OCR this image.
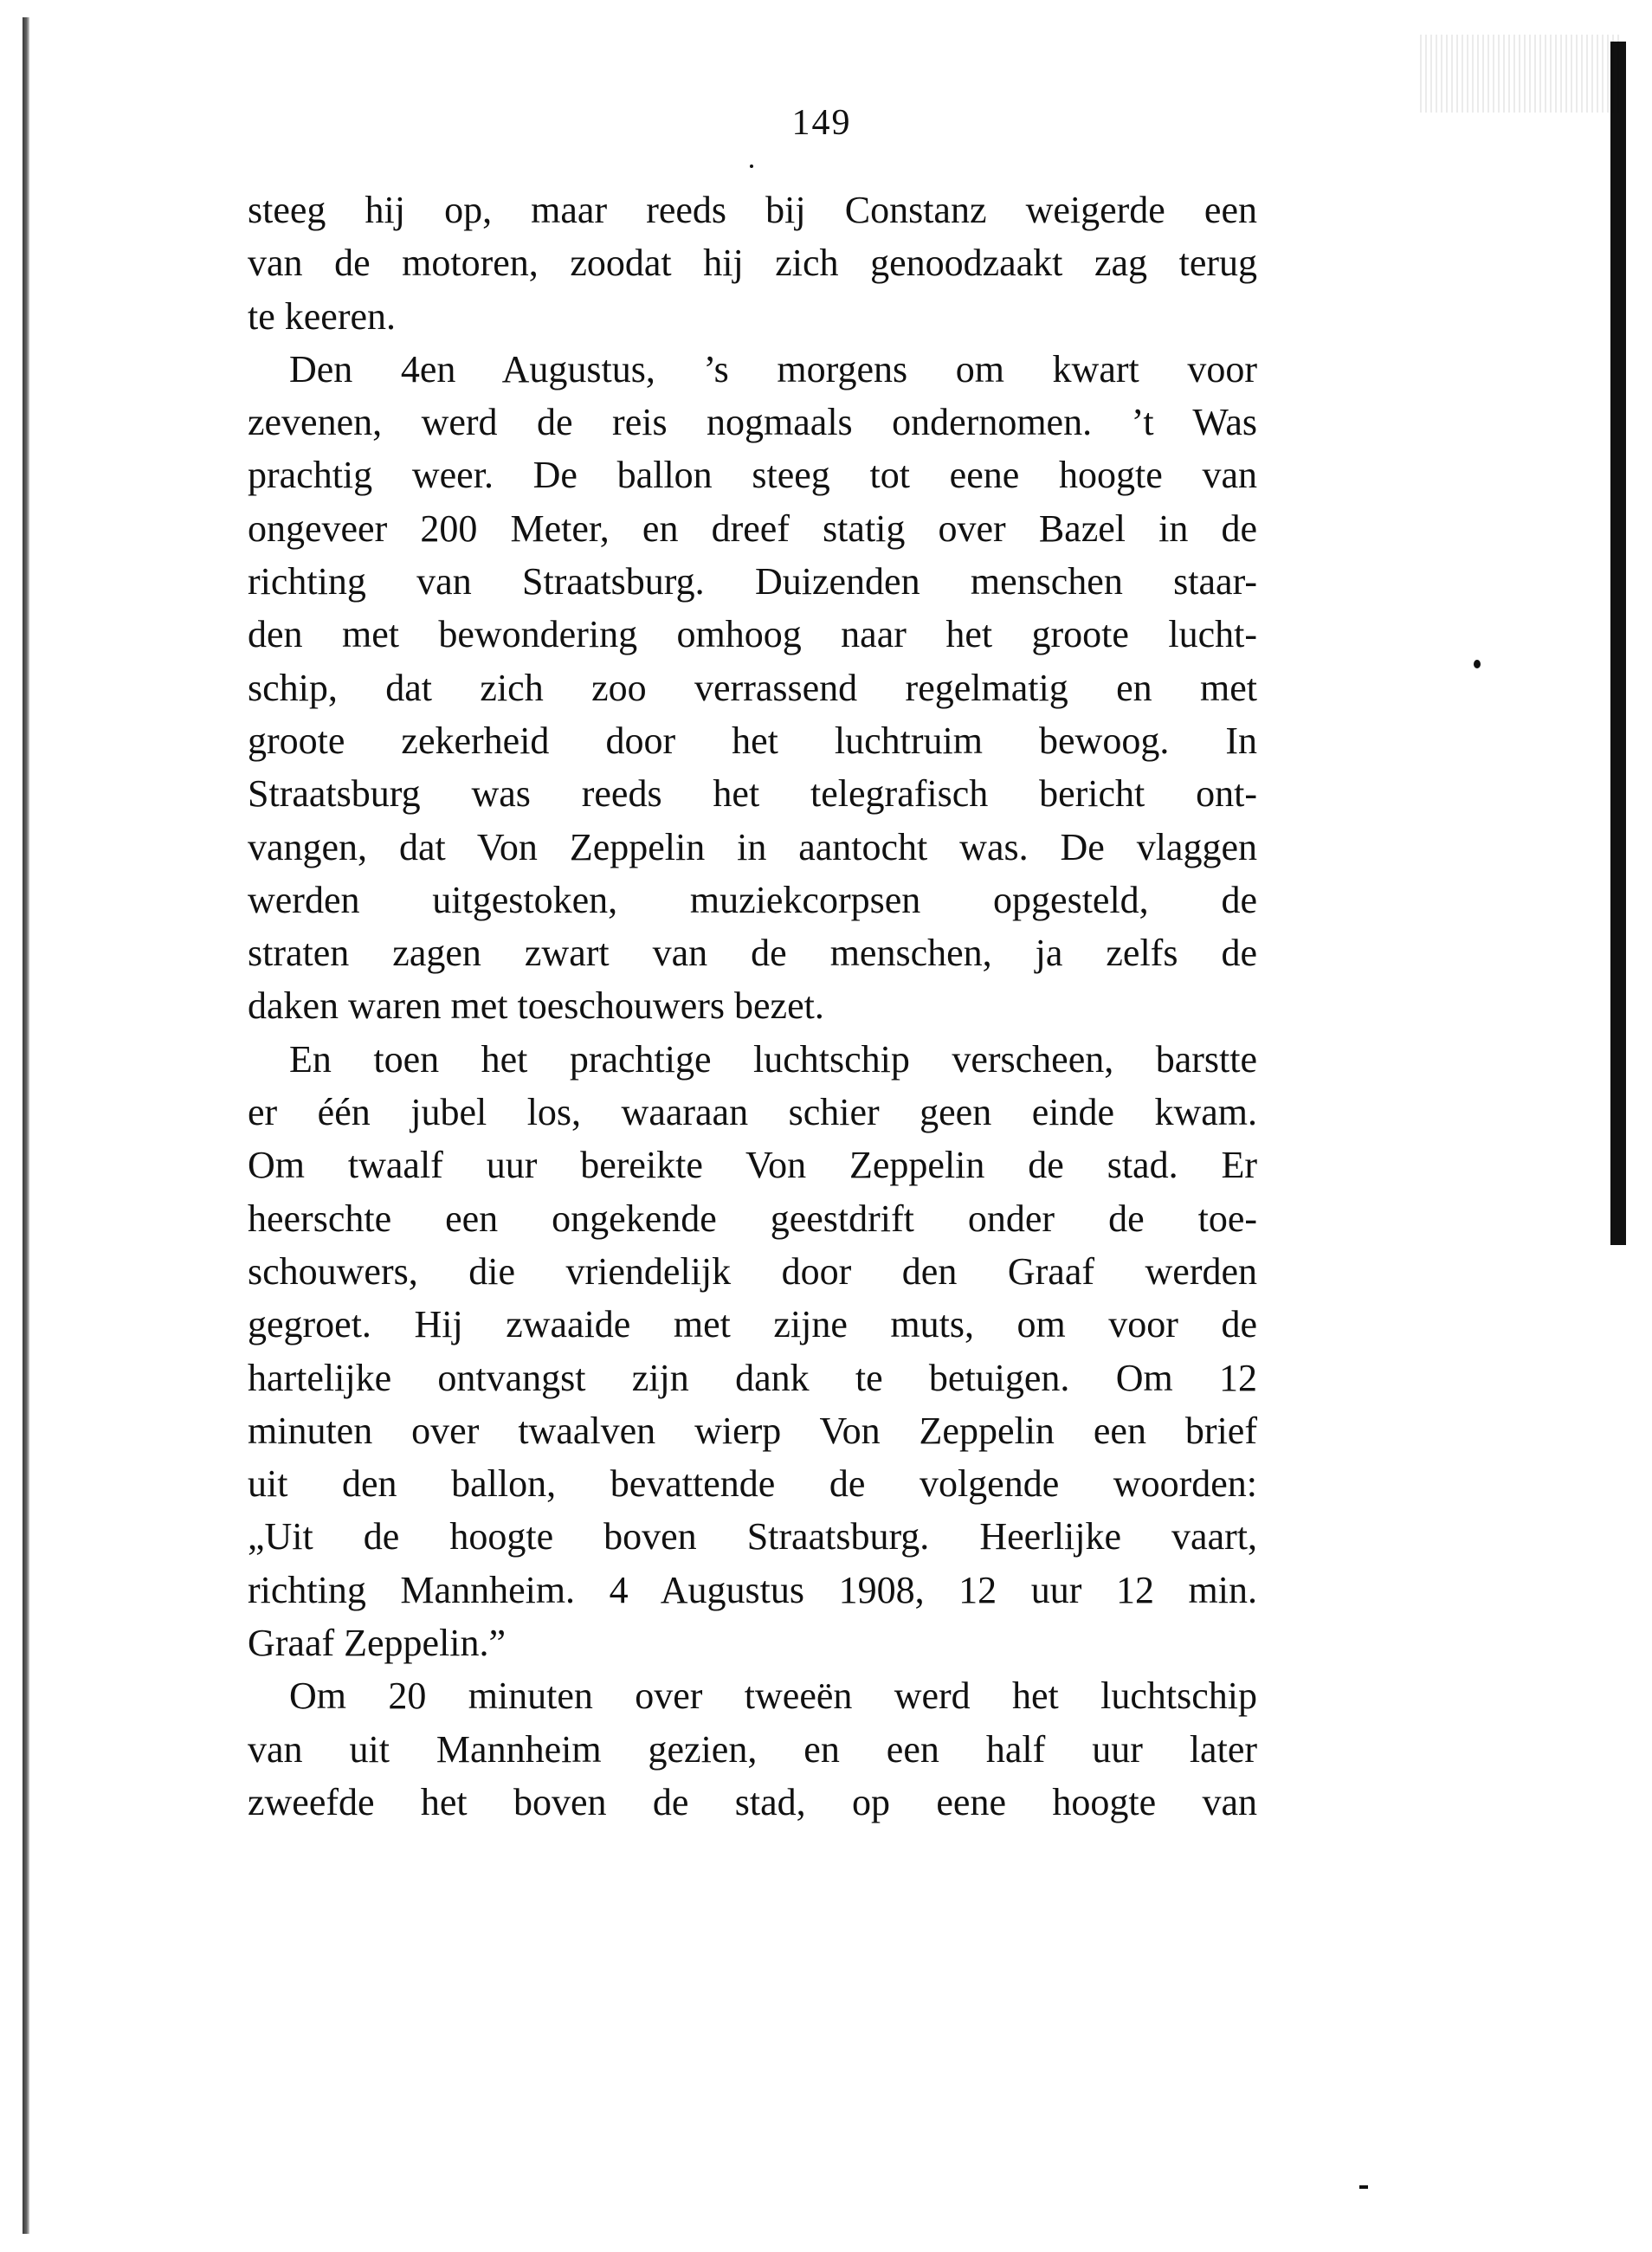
149
steeg hij op, maar reeds bij Constanz weigerde een
van de motoren, zoodat hij zich genoodzaakt zag terug
te keeren.
Den 4en Augustus, ’s morgens om kwart voor
zevenen, werd de reis nogmaals ondernomen. ’t Was
prachtig weer. De ballon steeg tot eene hoogte van
ongeveer 200 Meter, en dreef statig over Bazel in de
richting van Straatsburg. Duizenden menschen staar-
den met bewondering omhoog naar het groote lucht-
schip, dat zich zoo verrassend regelmatig en met
groote zekerheid door het luchtruim bewoog. In
Straatsburg was reeds het telegrafisch bericht ont-
vangen, dat Von Zeppelin in aantocht was. De vlaggen
werden uitgestoken, muziekcorpsen opgesteld, de
straten zagen zwart van de menschen, ja zelfs de
daken waren met toeschouwers bezet.
En toen het prachtige luchtschip verscheen, barstte
er één jubel los, waaraan schier geen einde kwam.
Om twaalf uur bereikte Von Zeppelin de stad. Er
heerschte een ongekende geestdrift onder de toe-
schouwers, die vriendelijk door den Graaf werden
gegroet. Hij zwaaide met zijne muts, om voor de
hartelijke ontvangst zijn dank te betuigen. Om 12
minuten over twaalven wierp Von Zeppelin een brief
uit den ballon, bevattende de volgende woorden:
„Uit de hoogte boven Straatsburg. Heerlijke vaart,
richting Mannheim. 4 Augustus 1908, 12 uur 12 min.
Graaf Zeppelin.”
Om 20 minuten over tweeën werd het luchtschip
van uit Mannheim gezien, en een half uur later
zweefde het boven de stad, op eene hoogte van
